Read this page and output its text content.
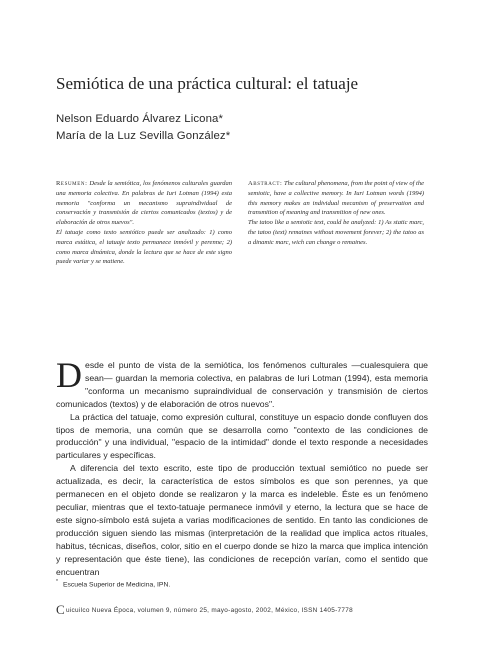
Semiótica de una práctica cultural: el tatuaje
Nelson Eduardo Álvarez Licona*
María de la Luz Sevilla González*

Resumen: Desde la semiótica, los fenómenos culturales guardan una memoria colectiva. En palabras de Iuri Lotman (1994) esta memoria "conforma un mecanismo supraindividual de conservación y transmisión de ciertos comunicados (textos) y de elaboración de otros nuevos".

El tatuaje como texto semiótico puede ser analizado: 1) como marca estática, el tatuaje texto permanece inmóvil y perenne; 2) como marca dinámica, donde la lectura que se hace de este signo puede variar y se matiene.

Abstract: The cultural phenomena, from the point of view of the semiotic, have a collective memory. In Iuri Lotman words (1994) this memory makes an individual mecanism of preservation and transmition of meaning and transmition of new ones.

The tatoo like a semiotic text, could be analyzed: 1) As static marc, the tatoo (text) remaines without movement forever; 2) the tatoo as a dinamic marc, wich can change o remaines.

Desde el punto de vista de la semiótica, los fenómenos culturales —cualesquiera que sean— guardan la memoria colectiva, en palabras de Iuri Lotman (1994), esta memoria "conforma un mecanismo supraindividual de conservación y transmisión de ciertos comunicados (textos) y de elaboración de otros nuevos".

La práctica del tatuaje, como expresión cultural, constituye un espacio donde confluyen dos tipos de memoria, una común que se desarrolla como "contexto de las condiciones de producción" y una individual, "espacio de la intimidad" donde el texto responde a necesidades particulares y específicas.

A diferencia del texto escrito, este tipo de producción textual semiótico no puede ser actualizada, es decir, la característica de estos símbolos es que son perennes, ya que permanecen en el objeto donde se realizaron y la marca es indeleble. Éste es un fenómeno peculiar, mientras que el texto-tatuaje permanece inmóvil y eterno, la lectura que se hace de este signo-símbolo está sujeta a varias modificaciones de sentido. En tanto las condiciones de producción siguen siendo las mismas (interpretación de la realidad que implica actos rituales, habitus, técnicas, diseños, color, sitio en el cuerpo donde se hizo la marca que implica intención y representación que éste tiene), las condiciones de recepción varían, como el sentido que encuentran

* Escuela Superior de Medicina, IPN.
Cuicuilco Nueva Época, volumen 9, número 25, mayo-agosto, 2002, México, ISSN 1405-7778
